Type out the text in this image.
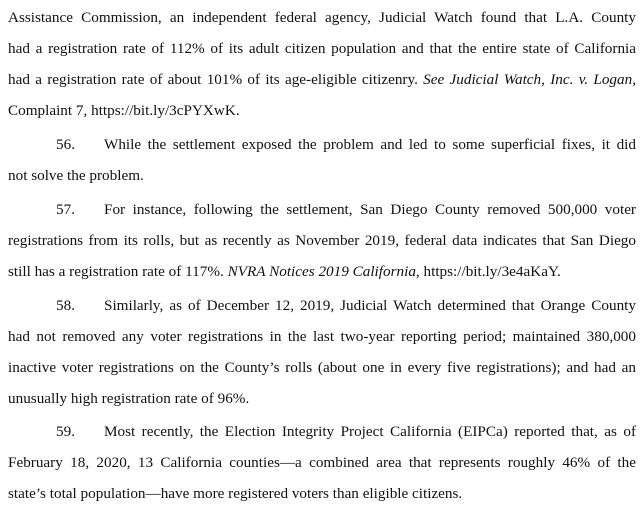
Assistance Commission, an independent federal agency, Judicial Watch found that L.A. County
had a registration rate of 112% of its adult citizen population and that the entire state of California
had a registration rate of about 101% of its age-eligible citizenry. See Judicial Watch, Inc. v. Logan,
Complaint 7, https://bit.ly/3cPYXwK.
56. While the settlement exposed the problem and led to some superficial fixes, it did
not solve the problem.
57. For instance, following the settlement, San Diego County removed 500,000 voter
registrations from its rolls, but as recently as November 2019, federal data indicates that San Diego
still has a registration rate of 117%. NVRA Notices 2019 California, https://bit.ly/3e4aKaY.
58. Similarly, as of December 12, 2019, Judicial Watch determined that Orange County
had not removed any voter registrations in the last two-year reporting period; maintained 380,000
inactive voter registrations on the County’s rolls (about one in every five registrations); and had an
unusually high registration rate of 96%.
59. Most recently, the Election Integrity Project California (EIPCa) reported that, as of
February 18, 2020, 13 California counties—a combined area that represents roughly 46% of the
state’s total population—have more registered voters than eligible citizens.
